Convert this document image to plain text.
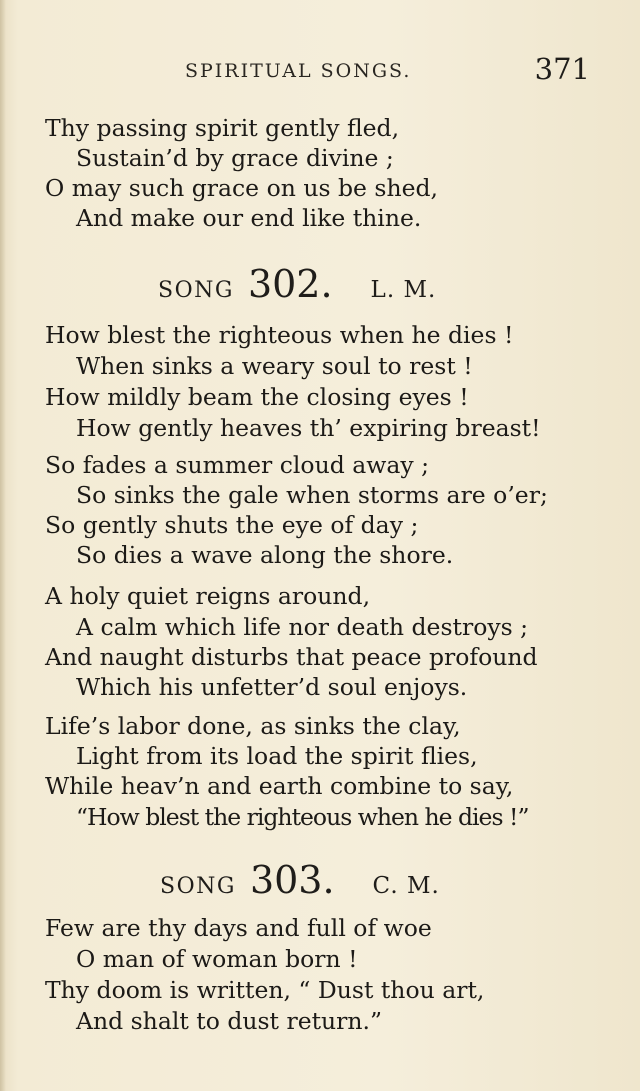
SPIRITUAL SONGS.	371
Thy passing spirit gently fled,
Sustain’d by grace divine ;
O may such grace on us be shed,
And make our end like thine.
SONG 302. L. M.
How blest the righteous when he dies !
When sinks a weary soul to rest !
How mildly beam the closing eyes !
How gently heaves th’ expiring breast!
So fades a summer cloud away ;
So sinks the gale when storms are o’er;
So gently shuts the eye of day ;
So dies a wave along the shore.
A holy quiet reigns around,
A calm which life nor death destroys ;
And naught disturbs that peace profound
Which his unfetter’d soul enjoys.
Life’s labor done, as sinks the clay,
Light from its load the spirit flies,
While heav’n and earth combine to say,
“How blest the righteous when he dies !”
SONG 303. C. M.
Few are thy days and full of woe
O man of woman born !
Thy doom is written, “ Dust thou art,
And shalt to dust return.”
